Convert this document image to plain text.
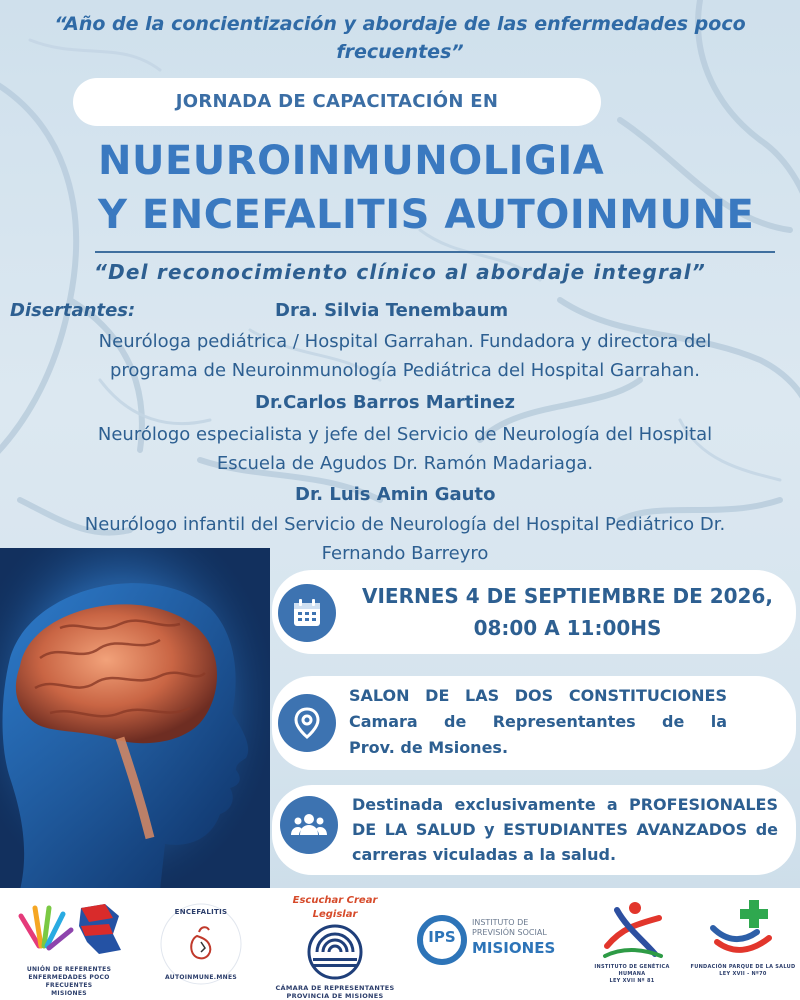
“Año de la concientización y abordaje de las enfermedades poco frecuentes”
JORNADA DE CAPACITACIÓN EN
NUEUROINMUNOLIGIA
Y ENCEFALITIS AUTOINMUNE
“Del reconocimiento clínico al abordaje integral”
Disertantes:	Dra. Silvia Tenembaum
Neuróloga pediátrica / Hospital Garrahan. Fundadora y directora del
programa de Neuroinmunología Pediátrica del Hospital Garrahan.
Dr.Carlos Barros Martinez
Neurólogo especialista y jefe del Servicio de Neurología del Hospital
Escuela de Agudos Dr. Ramón Madariaga.
Dr. Luis Amin Gauto
Neurólogo infantil del Servicio de Neurología del Hospital Pediátrico Dr.
Fernando Barreyro
VIERNES 4 DE SEPTIEMBRE DE 2026,
08:00 A 11:00HS
SALON DE LAS DOS CONSTITUCIONES
Camara de Representantes de la
Prov. de Msiones.
Destinada exclusivamente a PROFESIONALES
DE LA SALUD y ESTUDIANTES AVANZADOS de
carreras viculadas a la salud.
UNIÓN DE REFERENTES
ENFERMEDADES POCO FRECUENTES
MISIONES
ENCEFALITIS
AUTOINMUNE.MNES
Escuchar Crear Legislar
CÁMARA DE REPRESENTANTES
PROVINCIA DE MISIONES
IPS
INSTITUTO DE
PREVISIÓN SOCIAL
MISIONES
INSTITUTO DE GENÉTICA HUMANA
LEY XVII Nº 81
FUNDACIÓN PARQUE DE LA SALUD
LEY XVII - Nº70
